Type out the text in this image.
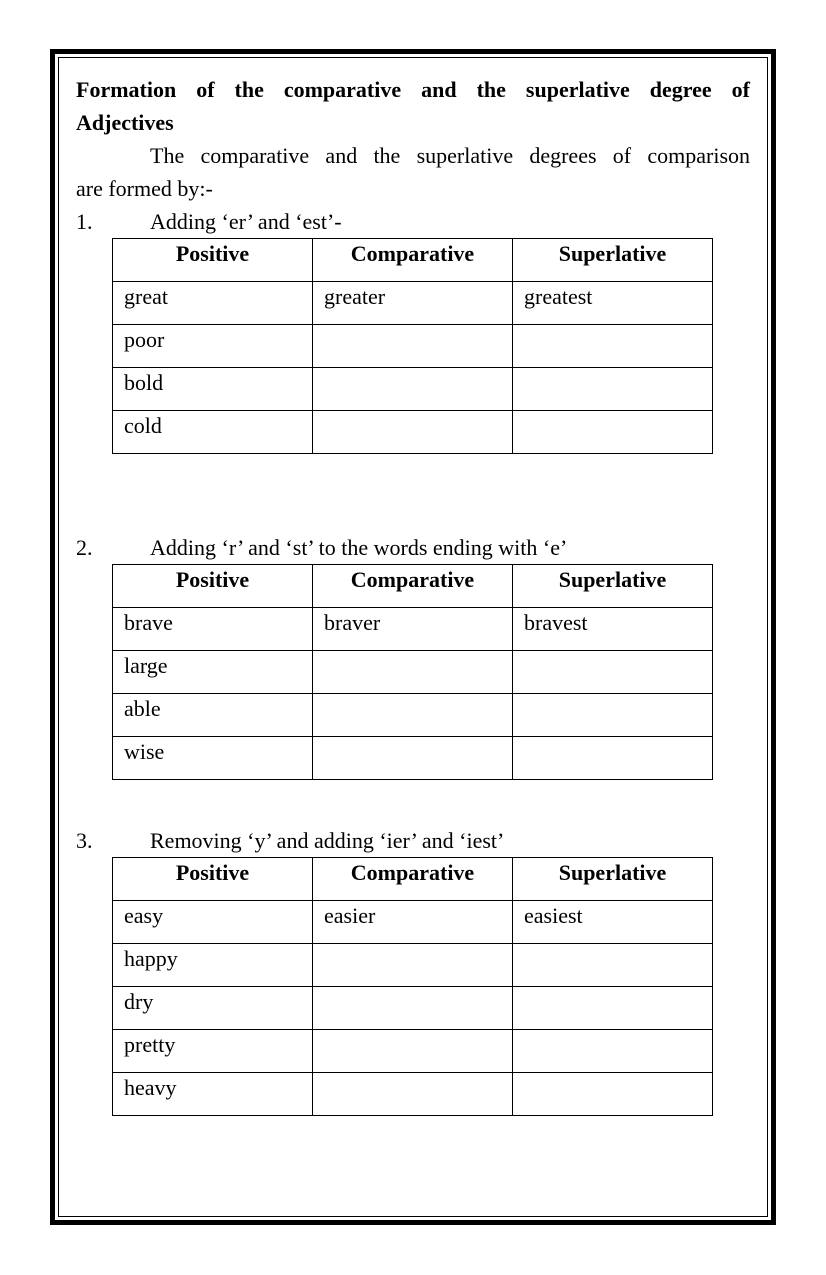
Formation of the comparative and the superlative degree of
Adjectives

The comparative and the superlative degrees of comparison

are formed by:-

1.	Adding ‘er’ and ‘est’-
Positive	Comparative	Superlative
great	greater	greatest
poor		
bold		
cold		
2.	Adding ‘r’ and ‘st’ to the words ending with ‘e’
Positive	Comparative	Superlative
brave	braver	bravest
large		
able		
wise		
3.	Removing ‘y’ and adding ‘ier’ and ‘iest’
Positive	Comparative	Superlative
easy	easier	easiest
happy		
dry		
pretty		
heavy		
